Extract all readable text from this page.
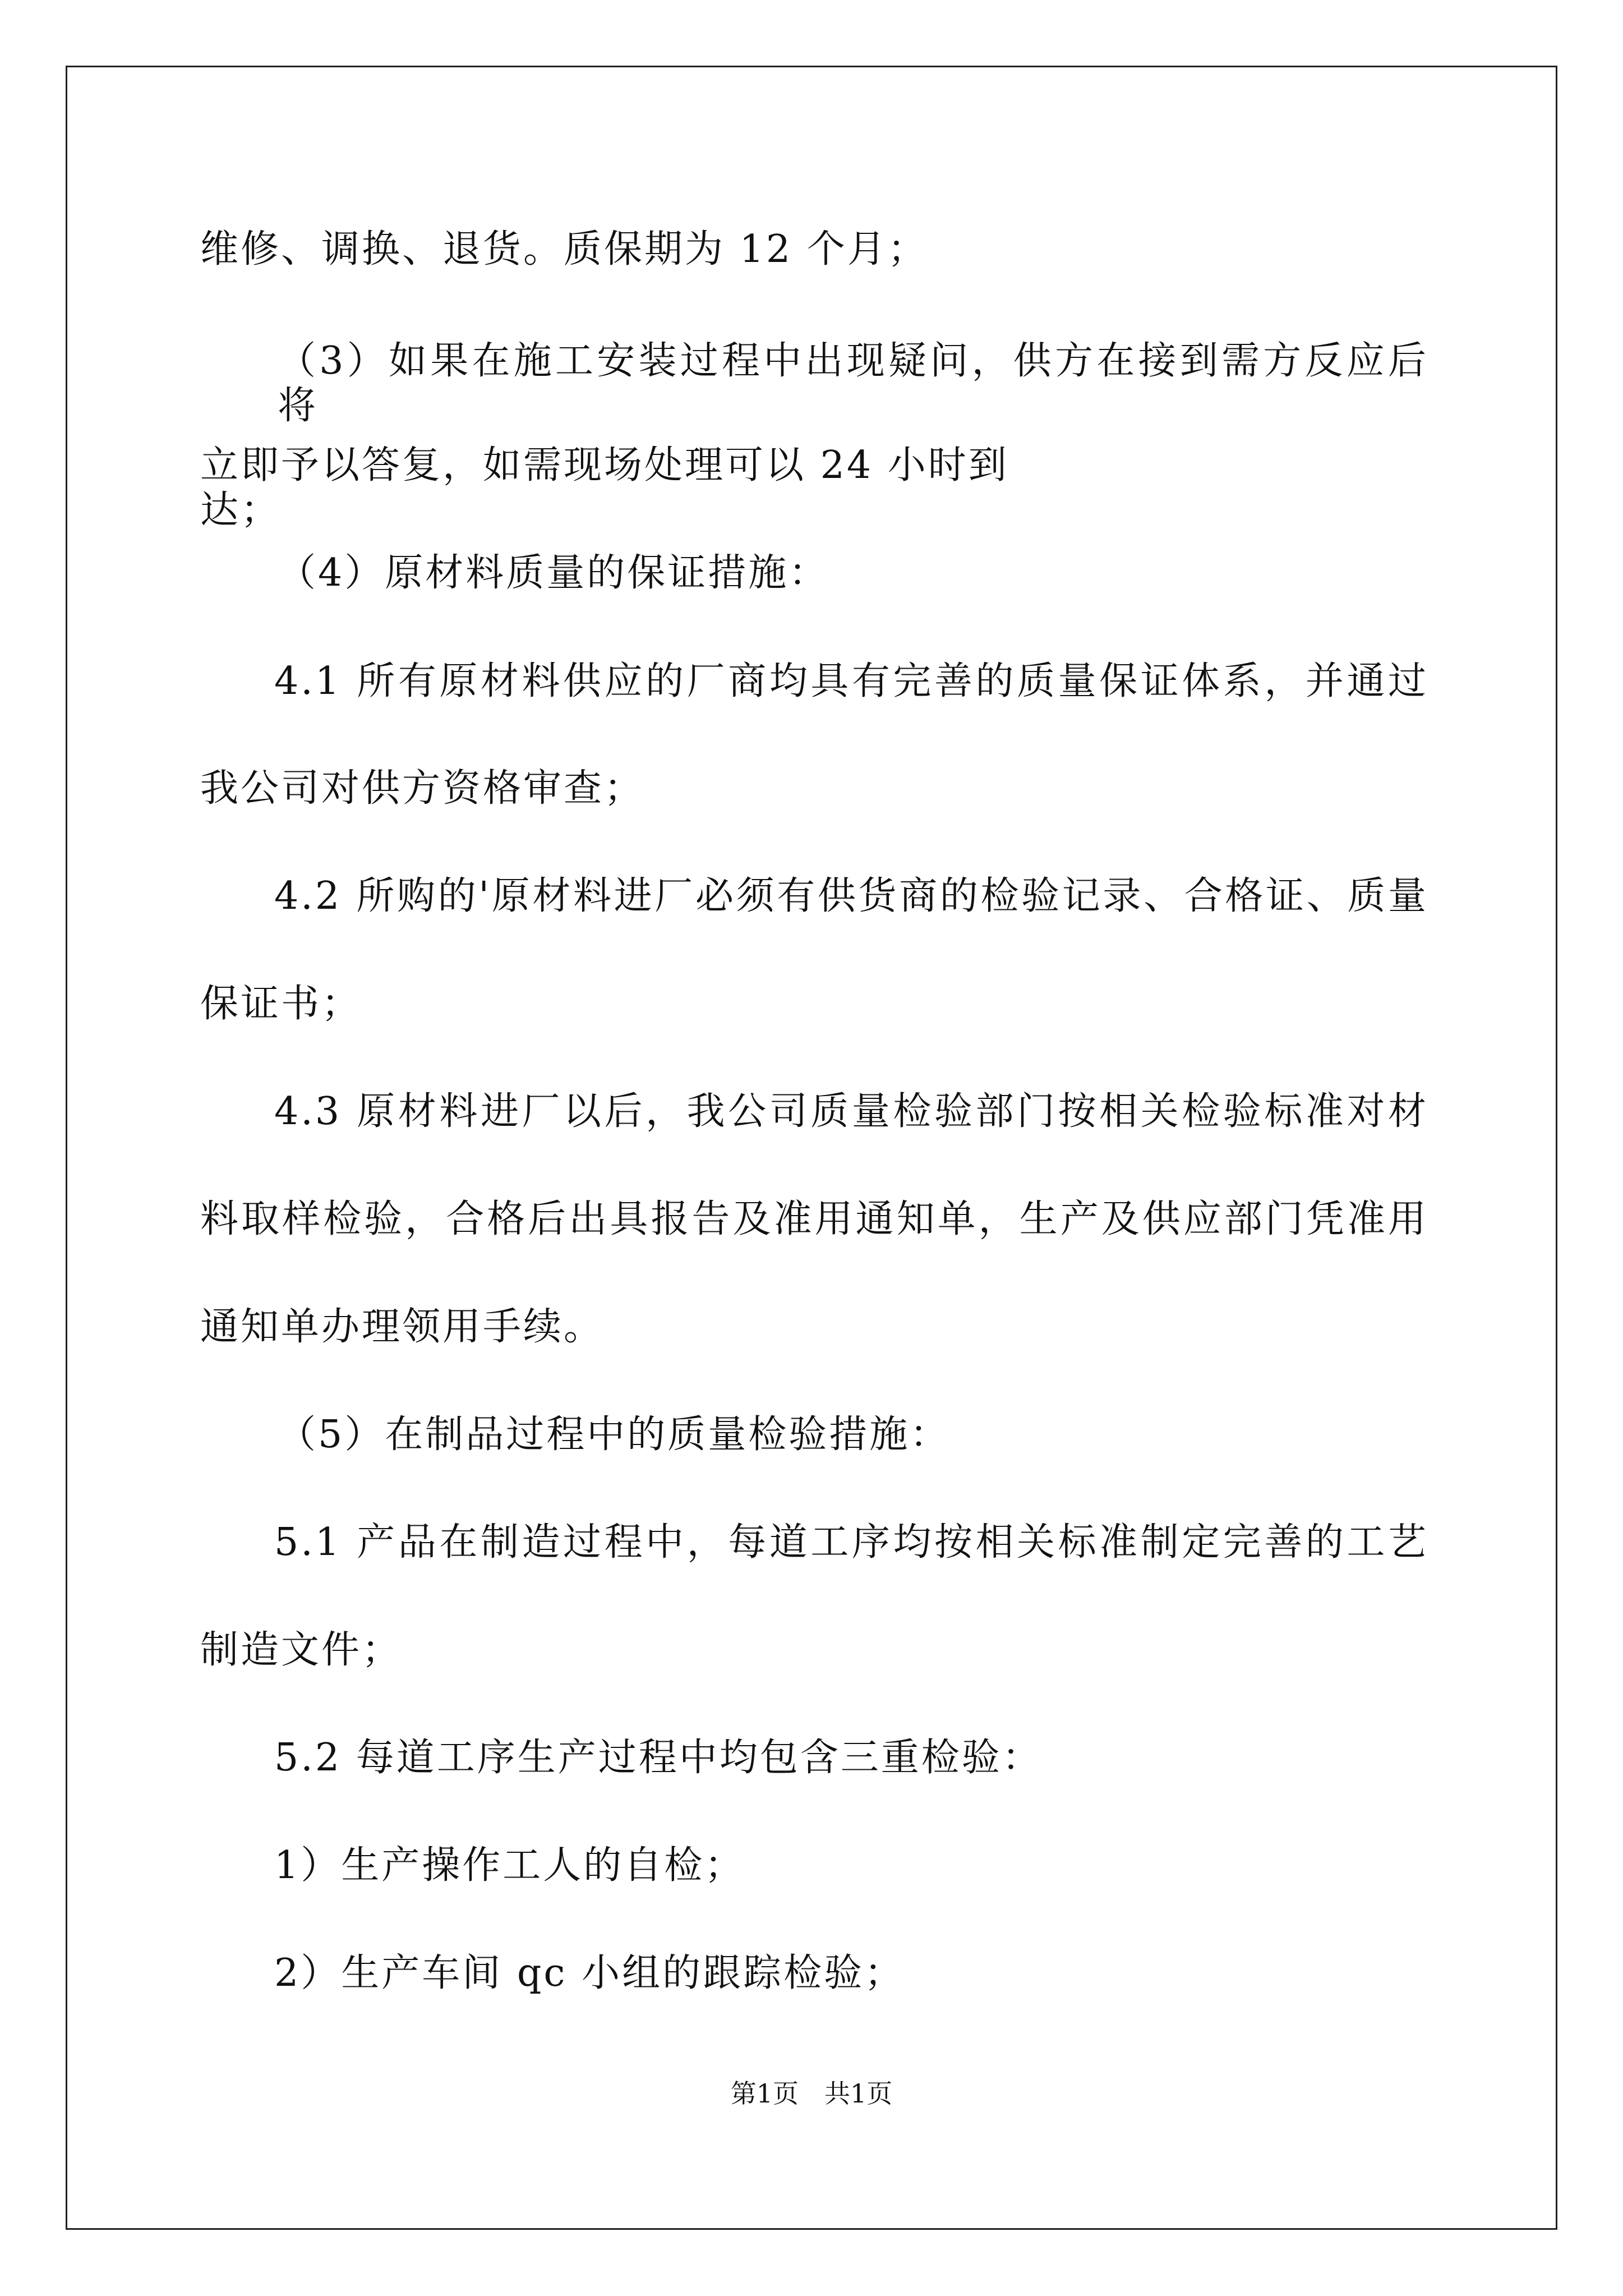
维修、调换、退货。质保期为 12 个月；
（3）如果在施工安装过程中出现疑问，供方在接到需方反应后将
立即予以答复，如需现场处理可以 24 小时到达；
（4）原材料质量的保证措施：
4.1 所有原材料供应的厂商均具有完善的质量保证体系，并通过
我公司对供方资格审查；
4.2 所购的'原材料进厂必须有供货商的检验记录、合格证、质量
保证书；
4.3 原材料进厂以后，我公司质量检验部门按相关检验标准对材
料取样检验，合格后出具报告及准用通知单，生产及供应部门凭准用
通知单办理领用手续。
（5）在制品过程中的质量检验措施：
5.1 产品在制造过程中，每道工序均按相关标准制定完善的工艺
制造文件；
5.2 每道工序生产过程中均包含三重检验：
1）生产操作工人的自检；
2）生产车间 qc 小组的跟踪检验；
第1页　共1页
